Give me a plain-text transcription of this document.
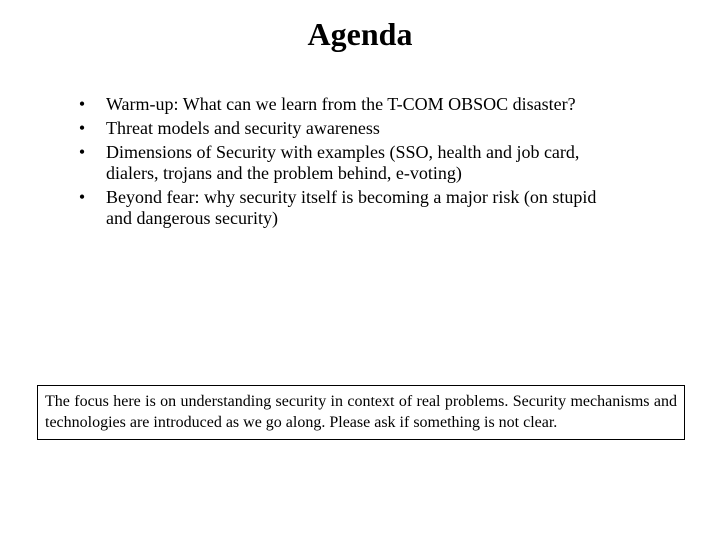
Agenda
•	Warm-up: What can we learn from the T-COM OBSOC disaster?
•	Threat models and security awareness
•	Dimensions of Security with examples (SSO, health and job card, dialers, trojans and the problem behind, e-voting)
•	Beyond fear: why security itself is becoming a major risk (on stupid and dangerous security)
The focus here is on understanding security in context of real problems. Security mechanisms and technologies are introduced as we go along. Please ask if something is not clear.
